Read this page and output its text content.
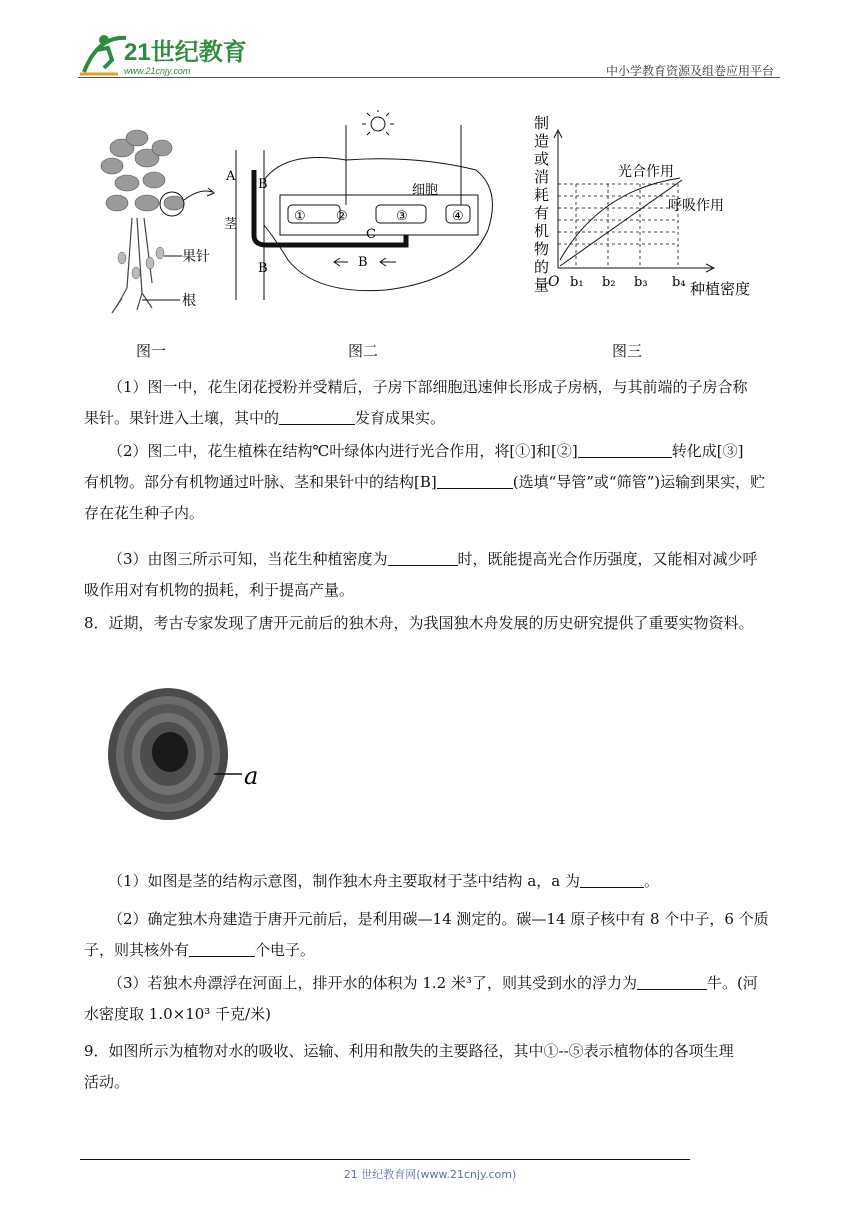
21世纪教育
www.21cnjy.com	中小学教育资源及组卷应用平台
果针
根
A
B
茎
B
C
细胞
① ②	③	④
B
制
造
或
消
耗
有
机
物
的
量
O b₁ b₂ b₃ b₄ 种植密度
光合作用
呼吸作用
图一	图二	图三
（1）图一中，花生闭花授粉并受精后，子房下部细胞迅速伸长形成子房柄，与其前端的子房合称
果针。果针进入土壤，其中的	发育成果实。
（2）图二中，花生植株在结构℃叶绿体内进行光合作用，将[①]和[②]	转化成[③]
有机物。部分有机物通过叶脉、茎和果针中的结构[B]	(选填“导管”或“筛管”)运输到果实，贮
存在花生种子内。
（3）由图三所示可知，当花生种植密度为	时，既能提高光合作历强度，又能相对减少呼
吸作用对有机物的损耗，利于提高产量。
8．近期，考古专家发现了唐开元前后的独木舟，为我国独木舟发展的历史研究提供了重要实物资料。
a
（1）如图是茎的结构示意图，制作独木舟主要取材于茎中结构 a，a 为	。
（2）确定独木舟建造于唐开元前后，是利用碳—14 测定的。碳—14 原子核中有 8 个中子，6 个质
子，则其核外有	个电子。
（3）若独木舟漂浮在河面上，排开水的体积为 1.2 米³了，则其受到水的浮力为	牛。(河
水密度取 1.0×10³ 千克/米)
9．如图所示为植物对水的吸收、运输、利用和散失的主要路径，其中①--⑤表示植物体的各项生理
活动。
21 世纪教育网(www.21cnjy.com)
